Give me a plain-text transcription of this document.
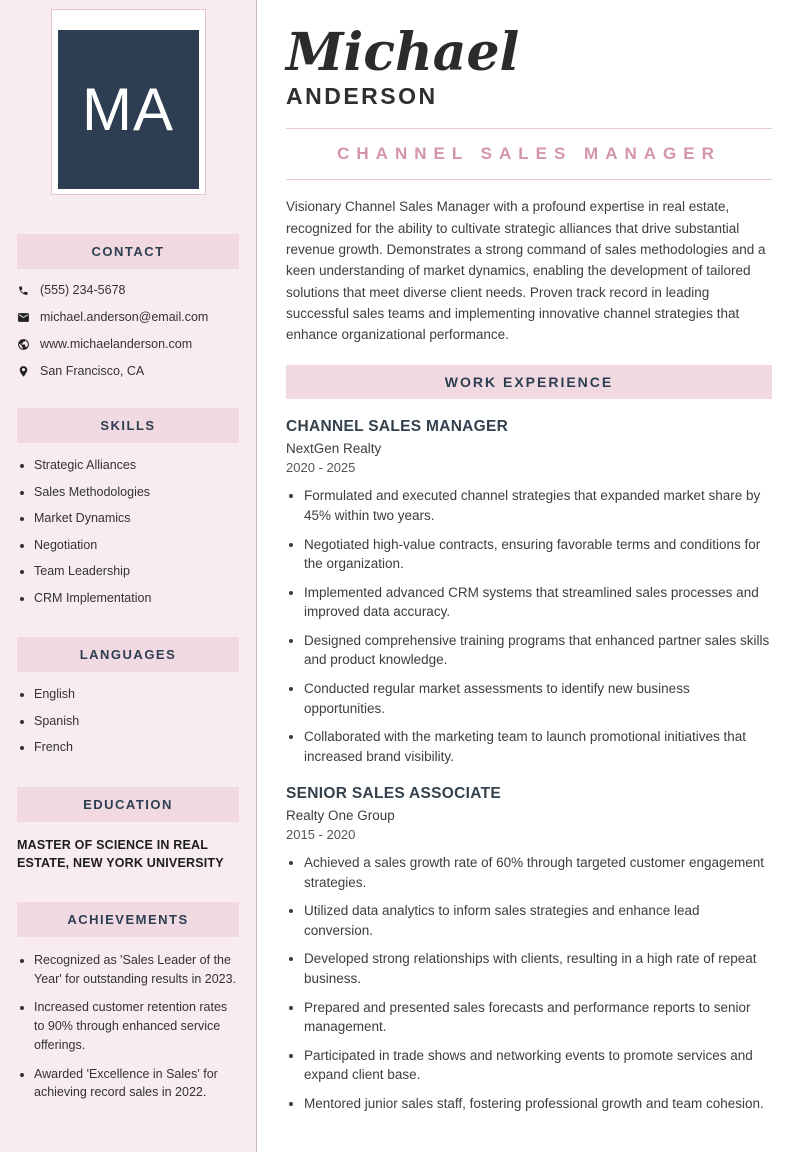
MA
CONTACT
(555) 234-5678
michael.anderson@email.com
www.michaelanderson.com
San Francisco, CA
SKILLS
• Strategic Alliances
• Sales Methodologies
• Market Dynamics
• Negotiation
• Team Leadership
• CRM Implementation
LANGUAGES
• English
• Spanish
• French
EDUCATION

MASTER OF SCIENCE IN REAL ESTATE, NEW YORK UNIVERSITY

ACHIEVEMENTS
• Recognized as 'Sales Leader of the Year' for outstanding results in 2023.
• Increased customer retention rates to 90% through enhanced service offerings.
• Awarded 'Excellence in Sales' for achieving record sales in 2022.
Michael
ANDERSON
CHANNEL SALES MANAGER

Visionary Channel Sales Manager with a profound expertise in real estate, recognized for the ability to cultivate strategic alliances that drive substantial revenue growth. Demonstrates a strong command of sales methodologies and a keen understanding of market dynamics, enabling the development of tailored solutions that meet diverse client needs. Proven track record in leading successful sales teams and implementing innovative channel strategies that enhance organizational performance.

WORK EXPERIENCE
CHANNEL SALES MANAGER
NextGen Realty
2020 - 2025
• Formulated and executed channel strategies that expanded market share by 45% within two years.
• Negotiated high-value contracts, ensuring favorable terms and conditions for the organization.
• Implemented advanced CRM systems that streamlined sales processes and improved data accuracy.
• Designed comprehensive training programs that enhanced partner sales skills and product knowledge.
• Conducted regular market assessments to identify new business opportunities.
• Collaborated with the marketing team to launch promotional initiatives that increased brand visibility.
SENIOR SALES ASSOCIATE
Realty One Group
2015 - 2020
• Achieved a sales growth rate of 60% through targeted customer engagement strategies.
• Utilized data analytics to inform sales strategies and enhance lead conversion.
• Developed strong relationships with clients, resulting in a high rate of repeat business.
• Prepared and presented sales forecasts and performance reports to senior management.
• Participated in trade shows and networking events to promote services and expand client base.
• Mentored junior sales staff, fostering professional growth and team cohesion.
